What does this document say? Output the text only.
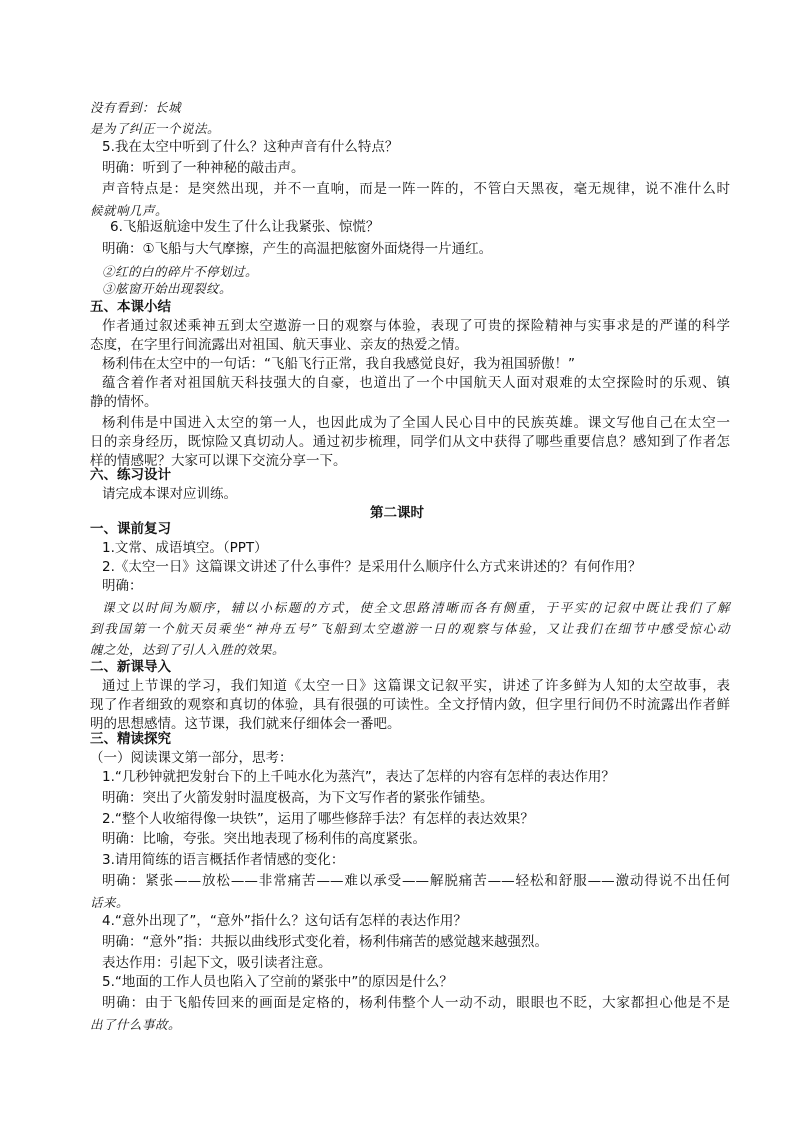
没有看到：长城
是为了纠正一个说法。
5.我在太空中听到了什么？这种声音有什么特点？
明确：听到了一种神秘的敲击声。
声音特点是：是突然出现，并不一直响，而是一阵一阵的，不管白天黑夜，毫无规律，说不准什么时
候就响几声。
6.飞船返航途中发生了什么让我紧张、惊慌？
明确：①飞船与大气摩擦，产生的高温把舷窗外面烧得一片通红。
②红的白的碎片不停划过。
③舷窗开始出现裂纹。
五、本课小结
作者通过叙述乘神五到太空遨游一日的观察与体验，表现了可贵的探险精神与实事求是的严谨的科学
态度，在字里行间流露出对祖国、航天事业、亲友的热爱之情。
杨利伟在太空中的一句话：“飞船飞行正常，我自我感觉良好，我为祖国骄傲！”
蕴含着作者对祖国航天科技强大的自豪，也道出了一个中国航天人面对艰难的太空探险时的乐观、镇
静的情怀。
杨利伟是中国进入太空的第一人，也因此成为了全国人民心目中的民族英雄。课文写他自己在太空一
日的亲身经历，既惊险又真切动人。通过初步梳理，同学们从文中获得了哪些重要信息？感知到了作者怎
样的情感呢？大家可以课下交流分享一下。
六、练习设计
请完成本课对应训练。
第二课时
一、课前复习
1.文常、成语填空。（PPT）
2.《太空一日》这篇课文讲述了什么事件？是采用什么顺序什么方式来讲述的？有何作用？
明确：
课文以时间为顺序，辅以小标题的方式，使全文思路清晰而各有侧重，于平实的记叙中既让我们了解
到我国第一个航天员乘坐“神舟五号”飞船到太空遨游一日的观察与体验，又让我们在细节中感受惊心动
魄之处，达到了引人入胜的效果。
二、新课导入
通过上节课的学习，我们知道《太空一日》这篇课文记叙平实，讲述了许多鲜为人知的太空故事，表
现了作者细致的观察和真切的体验，具有很强的可读性。全文抒情内敛，但字里行间仍不时流露出作者鲜
明的思想感情。这节课，我们就来仔细体会一番吧。
三、精读探究
（一）阅读课文第一部分，思考：
1.“几秒钟就把发射台下的上千吨水化为蒸汽”，表达了怎样的内容有怎样的表达作用？
明确：突出了火箭发射时温度极高，为下文写作者的紧张作铺垫。
2.“整个人收缩得像一块铁”，运用了哪些修辞手法？有怎样的表达效果？
明确：比喻，夸张。突出地表现了杨利伟的高度紧张。
3.请用简练的语言概括作者情感的变化：
明确：紧张——放松——非常痛苦——难以承受——解脱痛苦——轻松和舒服——激动得说不出任何
话来。
4.“意外出现了”，“意外”指什么？这句话有怎样的表达作用？
明确：“意外”指：共振以曲线形式变化着，杨利伟痛苦的感觉越来越强烈。
表达作用：引起下文，吸引读者注意。
5.“地面的工作人员也陷入了空前的紧张中”的原因是什么？
明确：由于飞船传回来的画面是定格的，杨利伟整个人一动不动，眼眼也不眨，大家都担心他是不是
出了什么事故。
